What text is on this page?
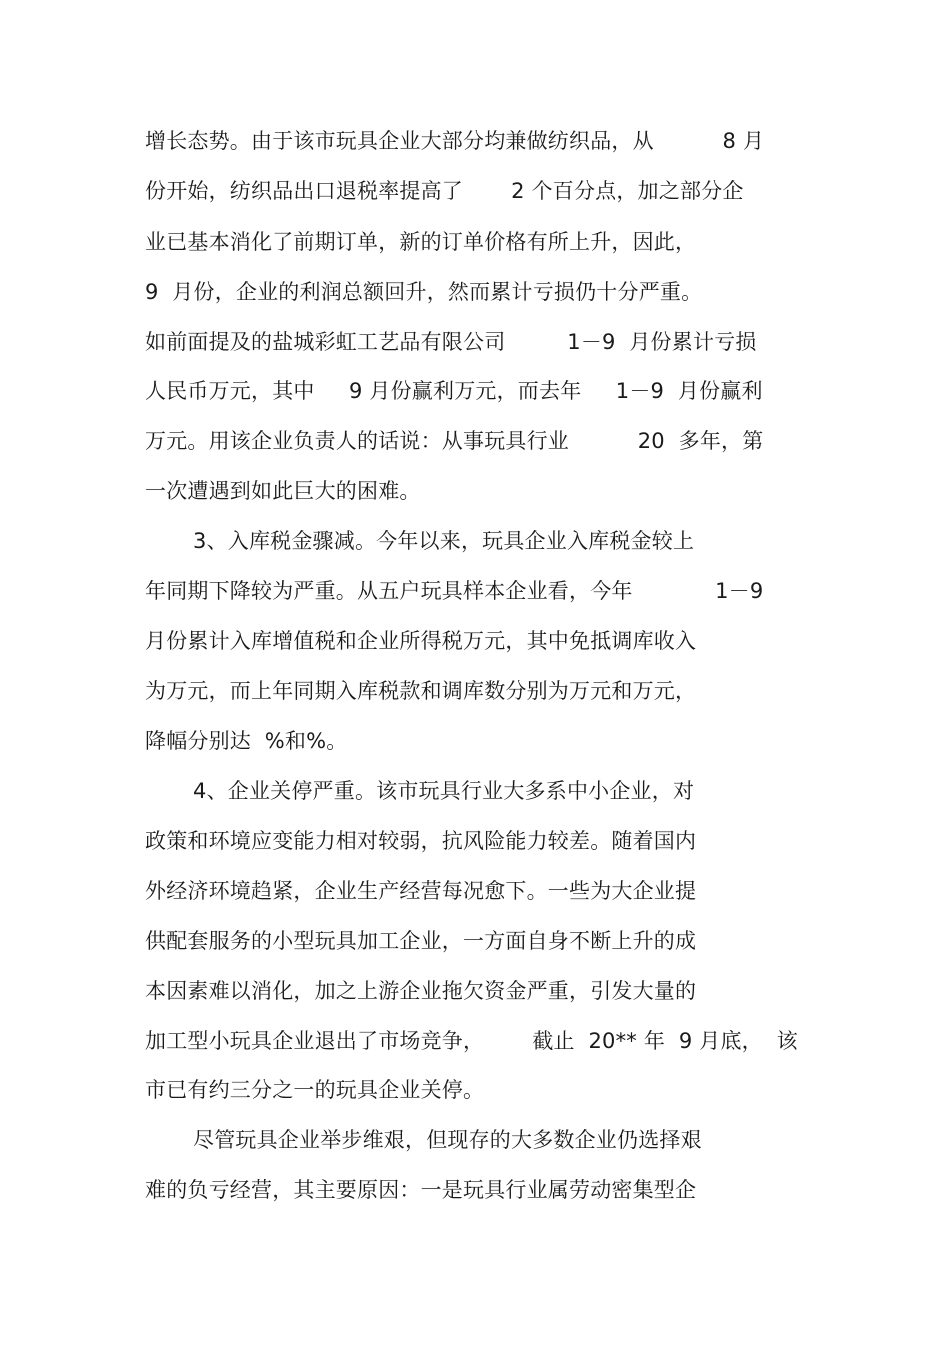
增长态势。由于该市玩具企业大部分均兼做纺织品，从          8 月
份开始，纺织品出口退税率提高了       2 个百分点，加之部分企
业已基本消化了前期订单，新的订单价格有所上升，因此，
9  月份，企业的利润总额回升，然而累计亏损仍十分严重。
如前面提及的盐城彩虹工艺品有限公司         1－9  月份累计亏损
人民币万元，其中     9 月份赢利万元，而去年     1－9  月份赢利
万元。用该企业负责人的话说：从事玩具行业          20  多年，第
一次遭遇到如此巨大的困难。
3、入库税金骤减。今年以来，玩具企业入库税金较上
年同期下降较为严重。从五户玩具样本企业看，今年            1－9
月份累计入库增值税和企业所得税万元，其中免抵调库收入
为万元，而上年同期入库税款和调库数分别为万元和万元，
降幅分别达  %和%。
4、企业关停严重。该市玩具行业大多系中小企业，对
政策和环境应变能力相对较弱，抗风险能力较差。随着国内
外经济环境趋紧，企业生产经营每况愈下。一些为大企业提
供配套服务的小型玩具加工企业，一方面自身不断上升的成
本因素难以消化，加之上游企业拖欠资金严重，引发大量的
加工型小玩具企业退出了市场竞争，       截止  20** 年  9 月底，  该
市已有约三分之一的玩具企业关停。
尽管玩具企业举步维艰，但现存的大多数企业仍选择艰
难的负亏经营，其主要原因：一是玩具行业属劳动密集型企
